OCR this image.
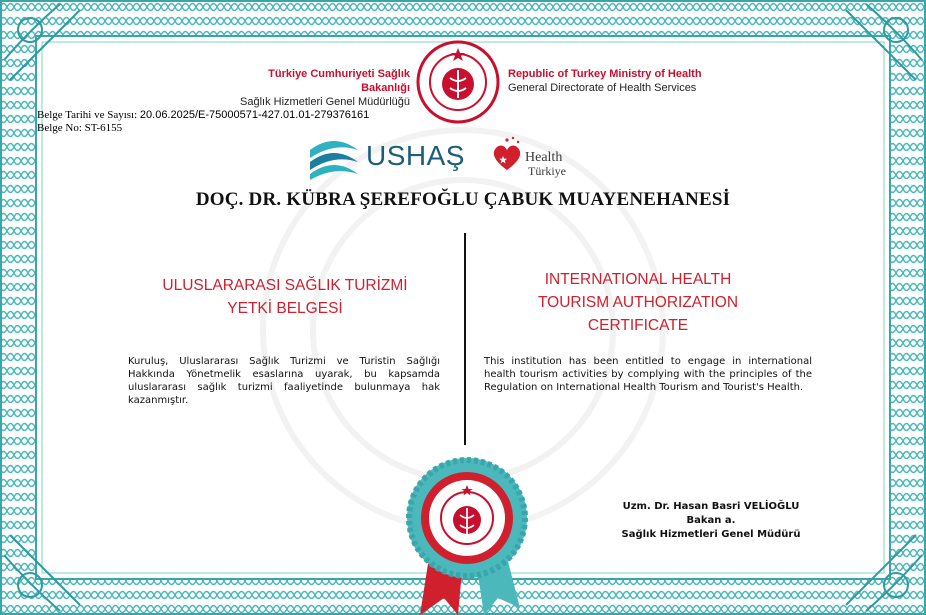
Türkiye Cumhuriyeti Sağlık Bakanlığı
Sağlık Hizmetleri Genel Müdürlüğü
Republic of Turkey Ministry of Health
General Directorate of Health Services
Belge Tarihi ve Sayısı: 20.06.2025/E-75000571-427.01.01-279376161
Belge No: ST-6155
USHAŞ	Health
Türkiye
DOÇ. DR. KÜBRA ŞEREFOĞLU ÇABUK MUAYENEHANESİ
ULUSLARARASI SAĞLIK TURİZMİ
YETKİ BELGESİ
Kuruluş, Uluslararası Sağlık Turizmi ve Turistin Sağlığı Hakkında Yönetmelik esaslarına uyarak, bu kapsamda uluslararası sağlık turizmi faaliyetinde bulunmaya hak kazanmıştır.
INTERNATIONAL HEALTH
TOURISM AUTHORIZATION
CERTIFICATE
This institution has been entitled to engage in international health tourism activities by complying with the principles of the Regulation on International Health Tourism and Tourist's Health.
Uzm. Dr. Hasan Basri VELİOĞLU
Bakan a.
Sağlık Hizmetleri Genel Müdürü
